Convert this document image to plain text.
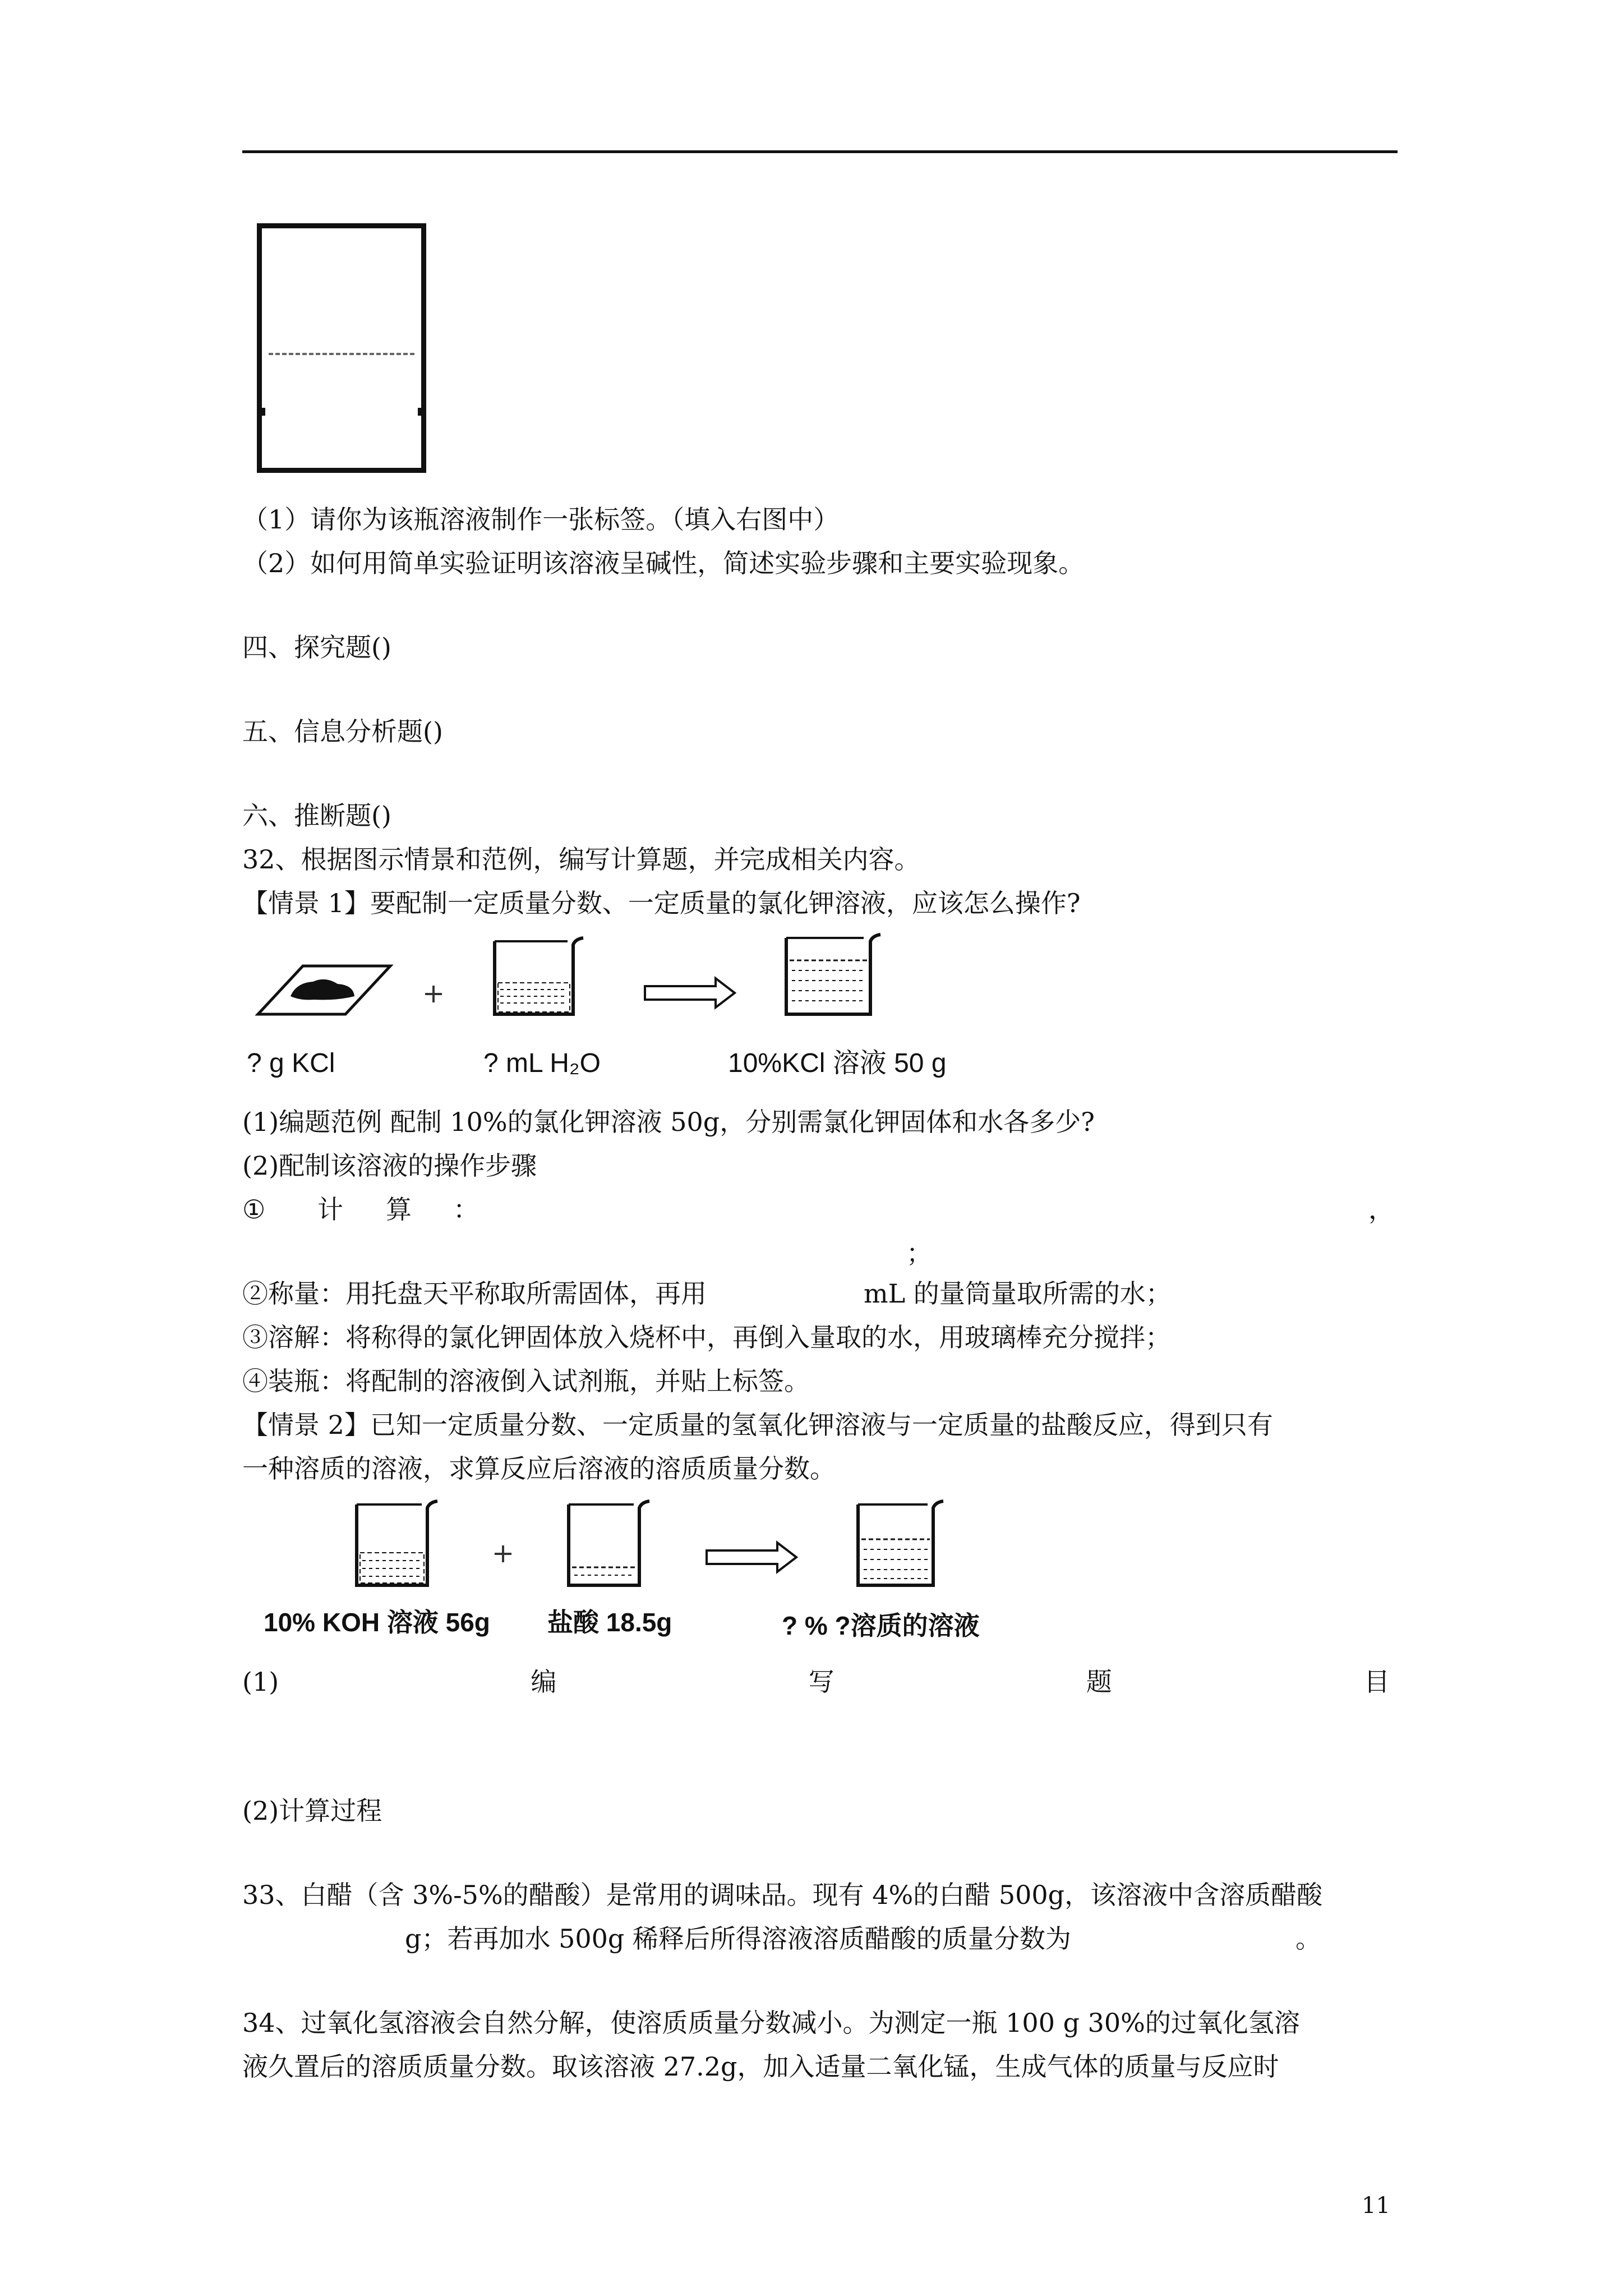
（1）请你为该瓶溶液制作一张标签。（填入右图中）
（2）如何用简单实验证明该溶液呈碱性，简述实验步骤和主要实验现象。
四、探究题()
五、信息分析题()
六、推断题()
32、根据图示情景和范例，编写计算题，并完成相关内容。
【情景 1】要配制一定质量分数、一定质量的氯化钾溶液，应该怎么操作?
? g KCl	? mL H₂O	10%KCl 溶液 50 g
(1)编题范例 配制 10%的氯化钾溶液 50g，分别需氯化钾固体和水各多少?
(2)配制该溶液的操作步骤
① 计 算 ：	，
；
②称量：用托盘天平称取所需固体，再用	mL 的量筒量取所需的水；
③溶解：将称得的氯化钾固体放入烧杯中，再倒入量取的水，用玻璃棒充分搅拌；
④装瓶：将配制的溶液倒入试剂瓶，并贴上标签。
【情景 2】已知一定质量分数、一定质量的氢氧化钾溶液与一定质量的盐酸反应，得到只有
一种溶质的溶液，求算反应后溶液的溶质质量分数。
10% KOH 溶液 56g 盐酸 18.5g	? % ?溶质的溶液
(1)	编	写	题	目
(2)计算过程
33、白醋（含 3%-5%的醋酸）是常用的调味品。现有 4%的白醋 500g，该溶液中含溶质醋酸
g；若再加水 500g 稀释后所得溶液溶质醋酸的质量分数为	。
34、过氧化氢溶液会自然分解，使溶质质量分数减小。为测定一瓶 100 g 30%的过氧化氢溶
液久置后的溶质质量分数。取该溶液 27.2g，加入适量二氧化锰，生成气体的质量与反应时
11
